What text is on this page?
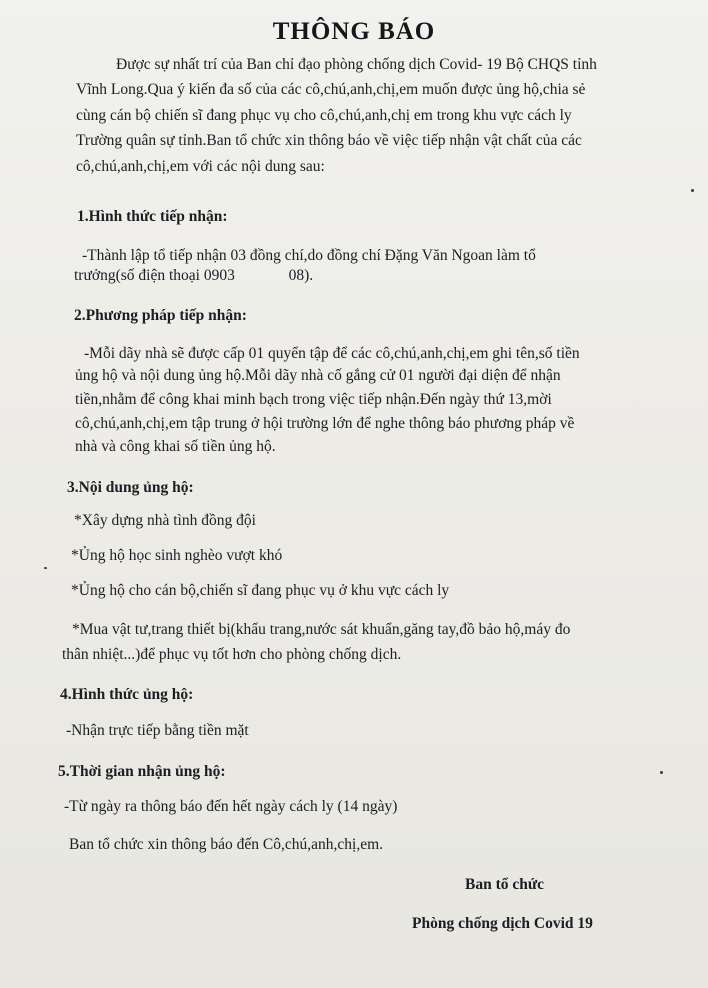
THÔNG BÁO
Được sự nhất trí của Ban chỉ đạo phòng chống dịch Covid- 19 Bộ CHQS tỉnh
Vĩnh Long.Qua ý kiến đa số của các cô,chú,anh,chị,em muốn được ủng hộ,chia sẻ
cùng cán bộ chiến sĩ đang phục vụ cho cô,chú,anh,chị em trong khu vực cách ly
Trường quân sự tỉnh.Ban tổ chức xin thông báo về việc tiếp nhận vật chất của các
cô,chú,anh,chị,em với các nội dung sau:
1.Hình thức tiếp nhận:
-Thành lập tổ tiếp nhận 03 đồng chí,do đồng chí Đặng Văn Ngoan làm tổ
trưởng(số điện thoại 0903	08).
2.Phương pháp tiếp nhận:
-Mỗi dãy nhà sẽ được cấp 01 quyển tập để các cô,chú,anh,chị,em ghi tên,số tiền
ủng hộ và nội dung ủng hộ.Mỗi dãy nhà cố gắng cử 01 người đại diện để nhận
tiền,nhằm để công khai minh bạch trong việc tiếp nhận.Đến ngày thứ 13,mời
cô,chú,anh,chị,em tập trung ở hội trường lớn để nghe thông báo phương pháp về
nhà và công khai số tiền ủng hộ.
3.Nội dung ủng hộ:
*Xây dựng nhà tình đồng đội
*Ủng hộ học sinh nghèo vượt khó
*Ủng hộ cho cán bộ,chiến sĩ đang phục vụ ở khu vực cách ly
*Mua vật tư,trang thiết bị(khẩu trang,nước sát khuẩn,găng tay,đồ bảo hộ,máy đo
thân nhiệt...)để phục vụ tốt hơn cho phòng chống dịch.
4.Hình thức ủng hộ:
-Nhận trực tiếp bằng tiền mặt
5.Thời gian nhận ủng hộ:
-Từ ngày ra thông báo đến hết ngày cách ly (14 ngày)
Ban tổ chức xin thông báo đến Cô,chú,anh,chị,em.
Ban tổ chức
Phòng chống dịch Covid 19
